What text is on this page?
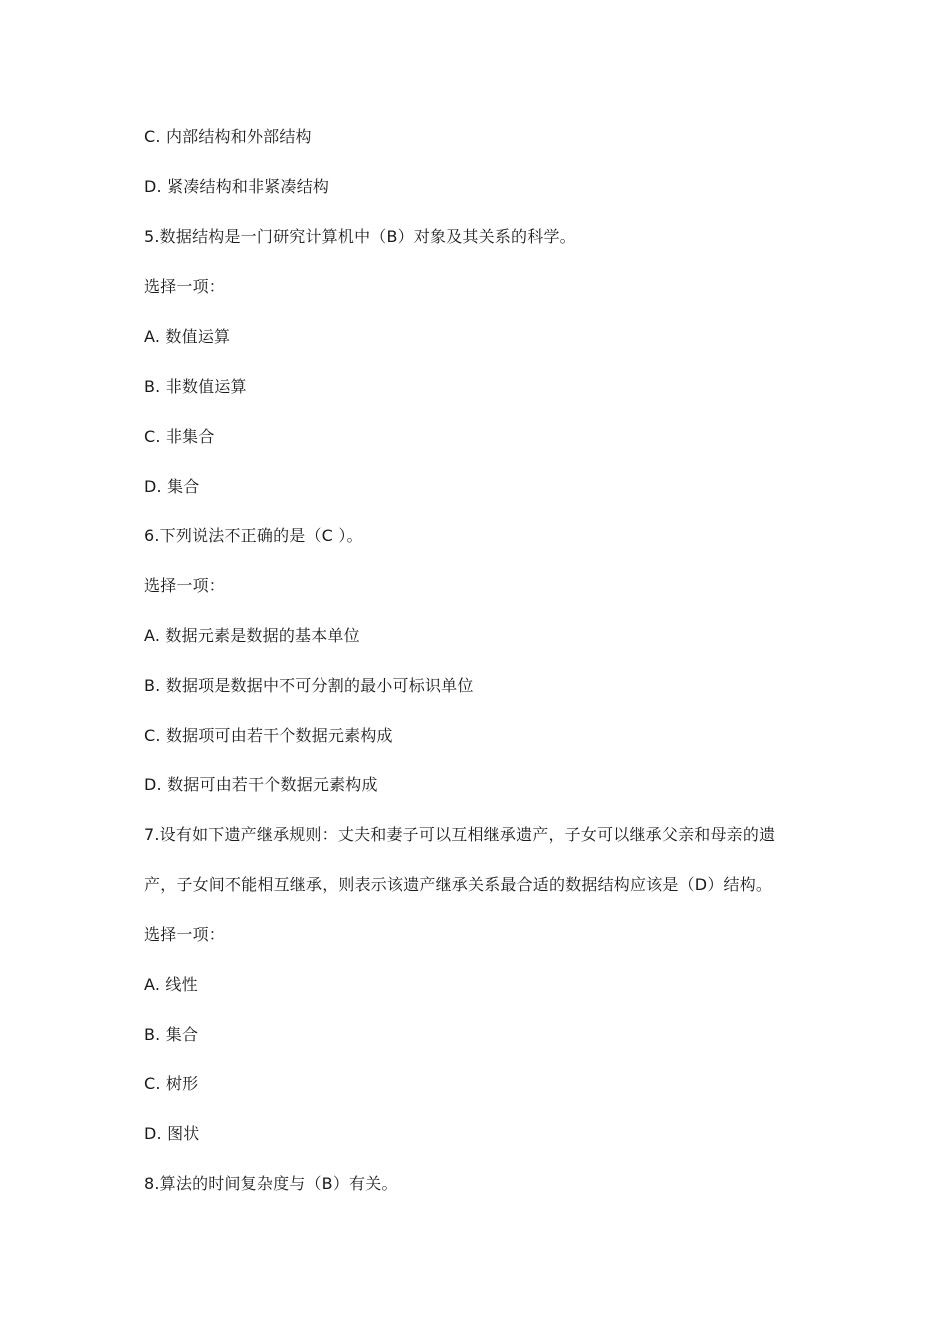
C. 内部结构和外部结构
D. 紧凑结构和非紧凑结构
5.数据结构是一门研究计算机中（B）对象及其关系的科学。
选择一项：
A. 数值运算
B. 非数值运算
C. 非集合
D. 集合
6.下列说法不正确的是（C ）。
选择一项：
A. 数据元素是数据的基本单位
B. 数据项是数据中不可分割的最小可标识单位
C. 数据项可由若干个数据元素构成
D. 数据可由若干个数据元素构成
7.设有如下遗产继承规则：丈夫和妻子可以互相继承遗产，子女可以继承父亲和母亲的遗
产，子女间不能相互继承，则表示该遗产继承关系最合适的数据结构应该是（D）结构。
选择一项：
A. 线性
B. 集合
C. 树形
D. 图状
8.算法的时间复杂度与（B）有关。
